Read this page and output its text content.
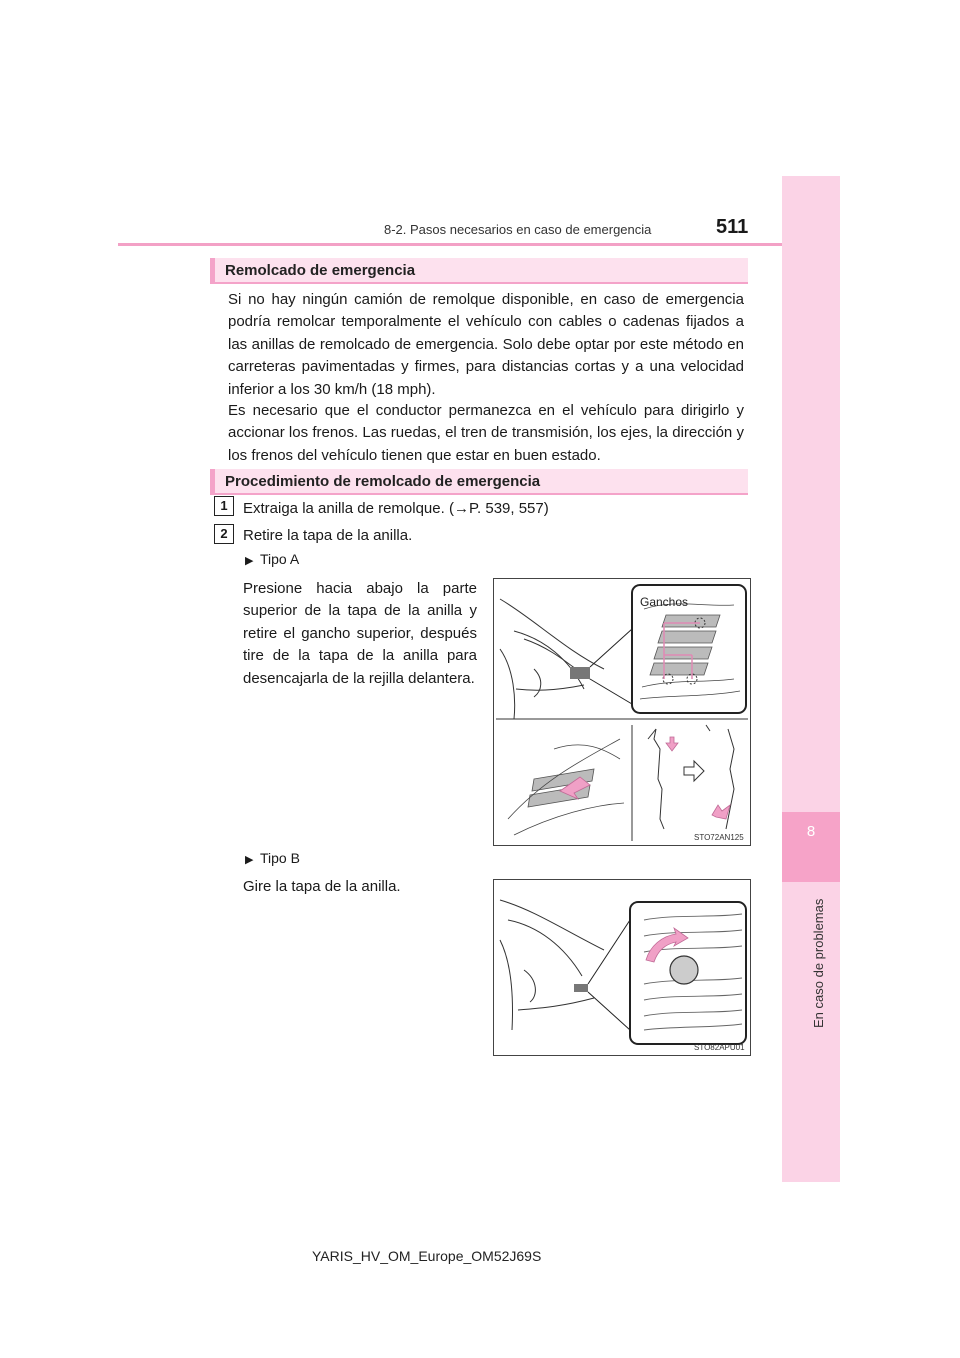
8
En caso de problemas
8-2. Pasos necesarios en caso de emergencia	511
Remolcado de emergencia
Si no hay ningún camión de remolque disponible, en caso de emergencia podría remolcar temporalmente el vehículo con cables o cadenas fijados a las anillas de remolcado de emergencia. Solo debe optar por este método en carreteras pavimentadas y firmes, para distancias cortas y a una velocidad inferior a los 30 km/h (18 mph).
Es necesario que el conductor permanezca en el vehículo para dirigirlo y accionar los frenos. Las ruedas, el tren de transmisión, los ejes, la dirección y los frenos del vehículo tienen que estar en buen estado.
Procedimiento de remolcado de emergencia
1	Extraiga la anilla de remolque. (→P. 539, 557)
2	Retire la tapa de la anilla.
▶ Tipo A
Presione hacia abajo la parte superior de la tapa de la anilla y retire el gancho superior, después tire de la tapa de la anilla para desencajarla de la rejilla delantera.
Ganchos
STO72AN125
▶ Tipo B
Gire la tapa de la anilla.
STO82APU01
YARIS_HV_OM_Europe_OM52J69S
